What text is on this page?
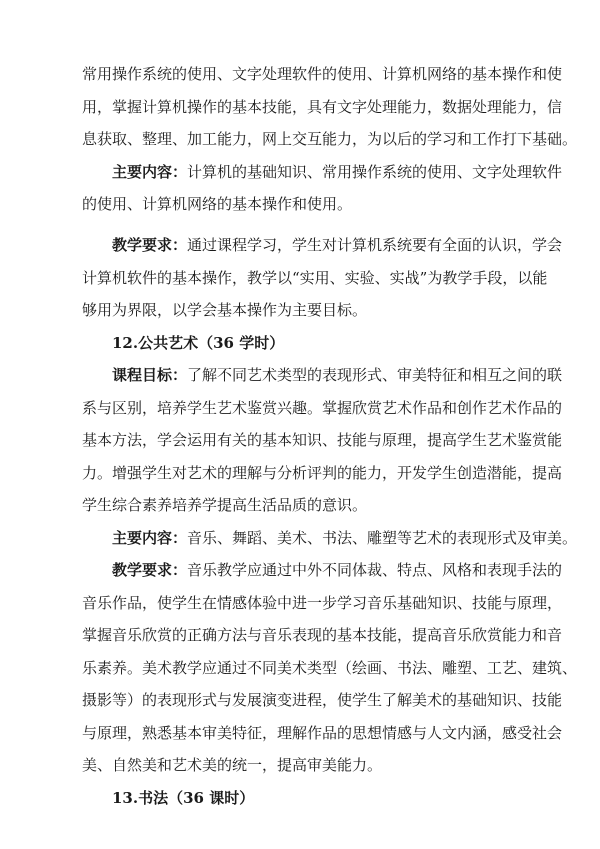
常用操作系统的使用、文字处理软件的使用、计算机网络的基本操作和使
用，掌握计算机操作的基本技能，具有文字处理能力，数据处理能力，信
息获取、整理、加工能力，网上交互能力，为以后的学习和工作打下基础。
主要内容：计算机的基础知识、常用操作系统的使用、文字处理软件
的使用、计算机网络的基本操作和使用。
教学要求：通过课程学习，学生对计算机系统要有全面的认识，学会
计算机软件的基本操作，教学以“实用、实验、实战”为教学手段，以能
够用为界限，以学会基本操作为主要目标。
12.公共艺术（36 学时）
课程目标：了解不同艺术类型的表现形式、审美特征和相互之间的联
系与区别，培养学生艺术鉴赏兴趣。掌握欣赏艺术作品和创作艺术作品的
基本方法，学会运用有关的基本知识、技能与原理，提高学生艺术鉴赏能
力。增强学生对艺术的理解与分析评判的能力，开发学生创造潜能，提高
学生综合素养培养学提高生活品质的意识。
主要内容：音乐、舞蹈、美术、书法、雕塑等艺术的表现形式及审美。
教学要求：音乐教学应通过中外不同体裁、特点、风格和表现手法的
音乐作品，使学生在情感体验中进一步学习音乐基础知识、技能与原理，
掌握音乐欣赏的正确方法与音乐表现的基本技能，提高音乐欣赏能力和音
乐素养。美术教学应通过不同美术类型（绘画、书法、雕塑、工艺、建筑、
摄影等）的表现形式与发展演变进程，使学生了解美术的基础知识、技能
与原理，熟悉基本审美特征，理解作品的思想情感与人文内涵，感受社会
美、自然美和艺术美的统一，提高审美能力。
13.书法（36 课时）
